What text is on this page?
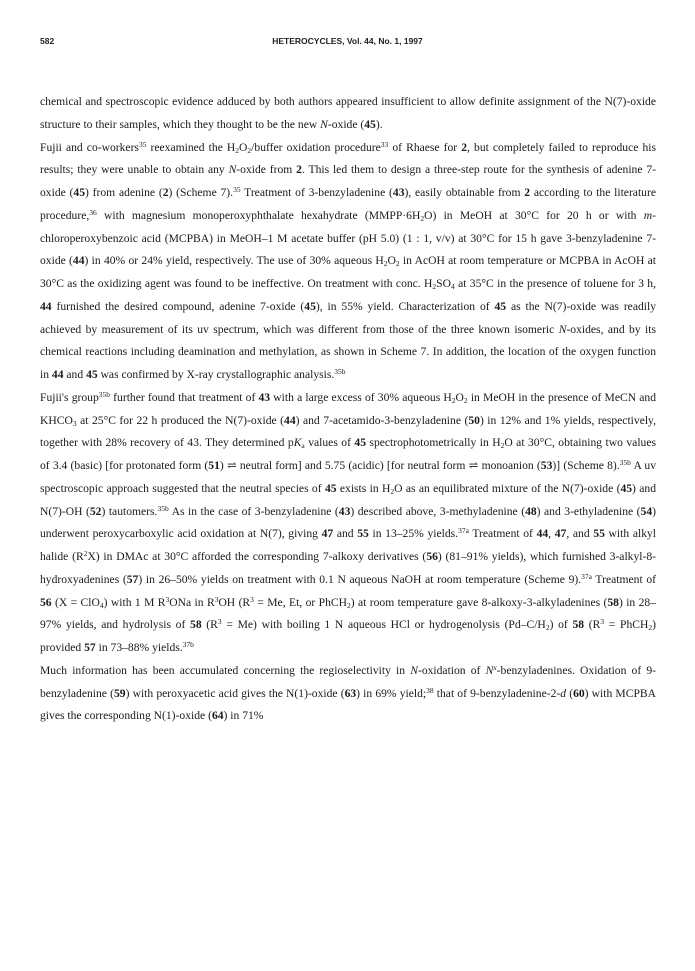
582	HETEROCYCLES, Vol. 44, No. 1, 1997

chemical and spectroscopic evidence adduced by both authors appeared insufficient to allow definite assignment of the N(7)-oxide structure to their samples, which they thought to be the new N-oxide (45).

Fujii and co-workers$^{35}$ reexamined the $H_2O_2$/buffer oxidation procedure$^{33}$ of Rhaese for 2, but completely failed to reproduce his results; they were unable to obtain any N-oxide from 2. This led them to design a three-step route for the synthesis of adenine 7-oxide (45) from adenine (2) (Scheme 7).$^{35}$ Treatment of 3-benzyladenine (43), easily obtainable from 2 according to the literature procedure,$^{36}$ with magnesium monoperoxyphthalate hexahydrate $(MMPP\cdot 6H_2O)$ in MeOH at 30°C for 20 h or with m-chloroperoxybenzoic acid (MCPBA) in MeOH–1 M acetate buffer (pH 5.0) (1 : 1, v/v) at 30°C for 15 h gave 3-benzyladenine 7-oxide (44) in 40% or 24% yield, respectively. The use of 30% aqueous $H_2O_2$ in AcOH at room temperature or MCPBA in AcOH at 30°C as the oxidizing agent was found to be ineffective. On treatment with conc. $H_2SO_4$ at 35°C in the presence of toluene for 3 h, 44 furnished the desired compound, adenine 7-oxide (45), in 55% yield. Characterization of 45 as the N(7)-oxide was readily achieved by measurement of its uv spectrum, which was different from those of the three known isomeric N-oxides, and by its chemical reactions including deamination and methylation, as shown in Scheme 7. In addition, the location of the oxygen function in 44 and 45 was confirmed by X-ray crystallographic analysis.$^{35b}$

Fujii's group$^{35b}$ further found that treatment of 43 with a large excess of 30% aqueous $H_2O_2$ in MeOH in the presence of MeCN and $KHCO_3$ at 25°C for 22 h produced the N(7)-oxide (44) and 7-acetamido-3-benzyladenine (50) in 12% and 1% yields, respectively, together with 28% recovery of 43. They determined $pK_a$ values of 45 spectrophotometrically in $H_2O$ at 30°C, obtaining two values of 3.4 (basic) [for protonated form (51) ⇌ neutral form] and 5.75 (acidic) [for neutral form ⇌ monoanion (53)] (Scheme 8).$^{35b}$ A uv spectroscopic approach suggested that the neutral species of 45 exists in $H_2O$ as an equilibrated mixture of the N(7)-oxide (45) and N(7)-OH (52) tautomers.$^{35b}$ As in the case of 3-benzyladenine (43) described above, 3-methyladenine (48) and 3-ethyladenine (54) underwent peroxycarboxylic acid oxidation at N(7), giving 47 and 55 in 13–25% yields.$^{37a}$ Treatment of 44, 47, and 55 with alkyl halide $(R^2X)$ in DMAc at 30°C afforded the corresponding 7-alkoxy derivatives (56) (81–91% yields), which furnished 3-alkyl-8-hydroxyadenines (57) in 26–50% yields on treatment with 0.1 N aqueous NaOH at room temperature (Scheme 9).$^{37a}$ Treatment of 56 (X = ClO$_4$) with 1 M $R^3ONa$ in $R^3OH$ ($R^3 = Me$, Et, or PhCH$_2$) at room temperature gave 8-alkoxy-3-alkyladenines (58) in 28–97% yields, and hydrolysis of 58 $(R^3 = Me)$ with boiling 1 N aqueous HCl or hydrogenolysis $(Pd-C/H_2)$ of 58 ($R^3$ = PhCH$_2$) provided 57 in 73–88% yields.$^{37b}$

Much information has been accumulated concerning the regioselectivity in N-oxidation of $N^x$-benzyladenines. Oxidation of 9-benzyladenine (59) with peroxyacetic acid gives the N(1)-oxide (63) in 69% yield;$^{38}$ that of 9-benzyladenine-2-d (60) with MCPBA gives the corresponding N(1)-oxide (64) in 71%
